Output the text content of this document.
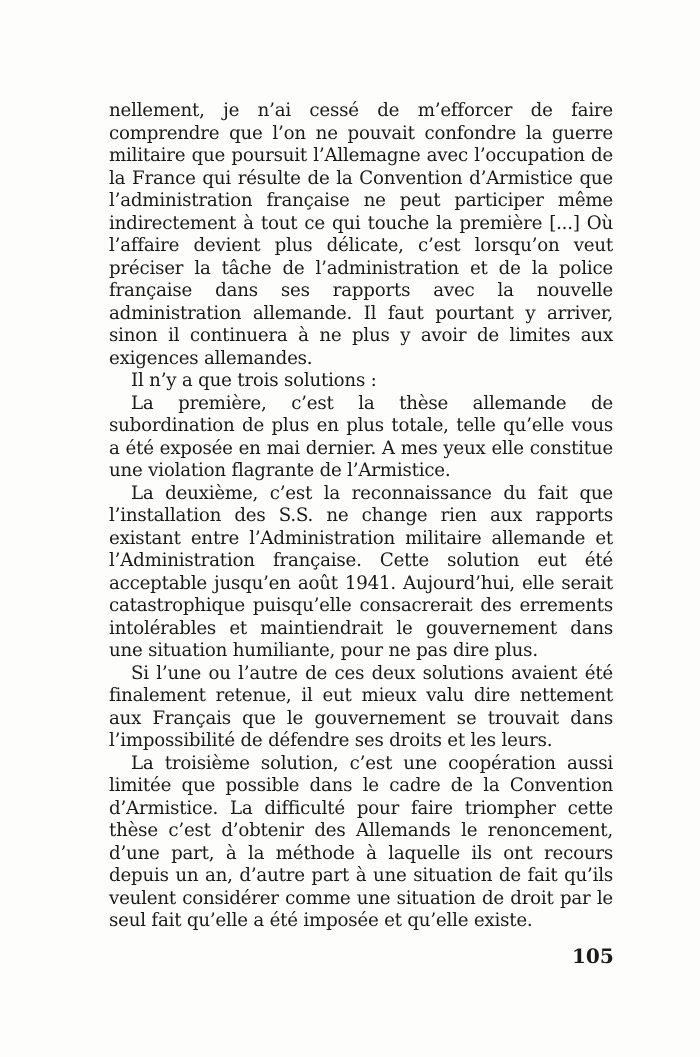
nellement, je n’ai cessé de m’efforcer de faire comprendre que l’on ne pouvait confondre la guerre militaire que poursuit l’Allemagne avec l’occupation de la France qui résulte de la Convention d’Armistice que l’administration française ne peut participer même indirectement à tout ce qui touche la première [...] Où l’affaire devient plus délicate, c’est lorsqu’on veut préciser la tâche de l’administration et de la police française dans ses rapports avec la nouvelle administration allemande. Il faut pourtant y arriver, sinon il continuera à ne plus y avoir de limites aux exigences allemandes.

Il n’y a que trois solutions :

La première, c’est la thèse allemande de subordination de plus en plus totale, telle qu’elle vous a été exposée en mai dernier. A mes yeux elle constitue une violation flagrante de l’Armistice.

La deuxième, c’est la reconnaissance du fait que l’installation des S.S. ne change rien aux rapports existant entre l’Administration militaire allemande et l’Administration française. Cette solution eut été acceptable jusqu’en août 1941. Aujourd’hui, elle serait catastrophique puisqu’elle consacrerait des errements intolérables et maintiendrait le gouvernement dans une situation humiliante, pour ne pas dire plus.

Si l’une ou l’autre de ces deux solutions avaient été finalement retenue, il eut mieux valu dire nettement aux Français que le gouvernement se trouvait dans l’impossibilité de défendre ses droits et les leurs.

La troisième solution, c’est une coopération aussi limitée que possible dans le cadre de la Convention d’Armistice. La difficulté pour faire triompher cette thèse c’est d’obtenir des Allemands le renoncement, d’une part, à la méthode à laquelle ils ont recours depuis un an, d’autre part à une situation de fait qu’ils veulent considérer comme une situation de droit par le seul fait qu’elle a été imposée et qu’elle existe.

105
